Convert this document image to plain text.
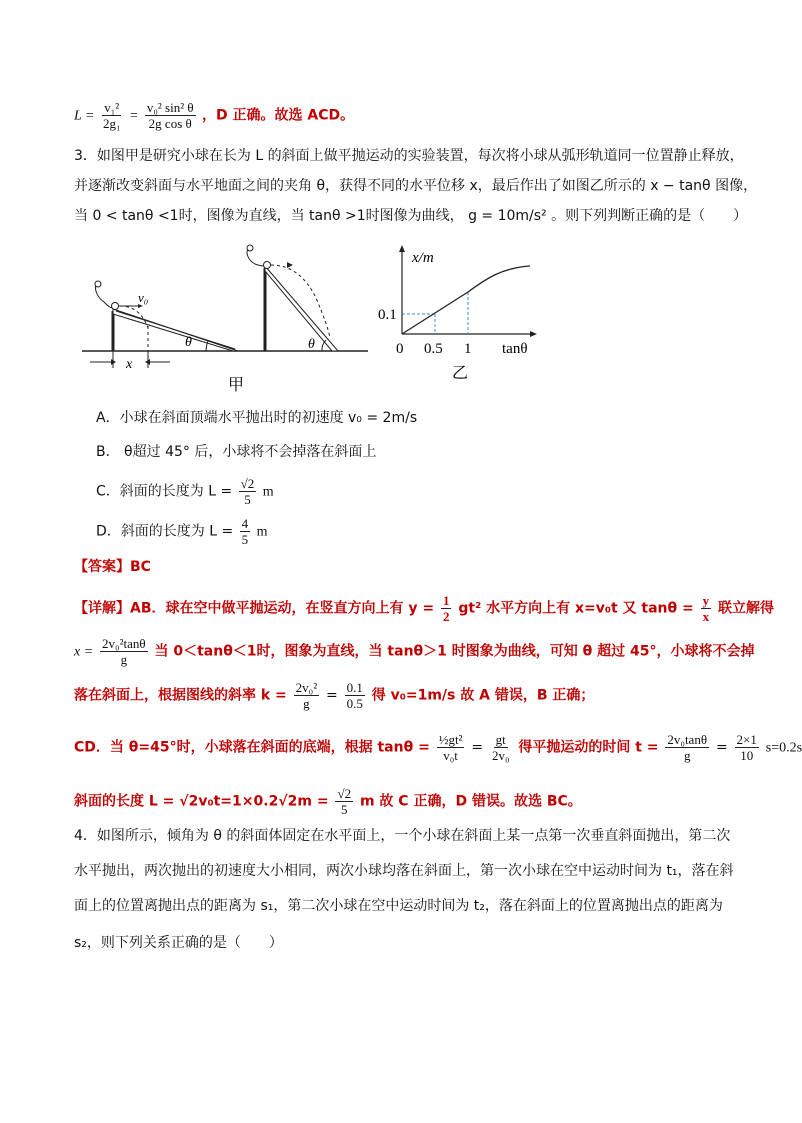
$L = \frac{\text{v₁²}}{\text{2g₁}} = \frac{\text{v₀² sin² θ}}{\text{2g cos θ}}$ ，D 正确。故选 ACD。
3．如图甲是研究小球在长为 L 的斜面上做平抛运动的实验装置，每次将小球从弧形轨道同一位置静止释放，
并逐渐改变斜面与水平地面之间的夹角 θ，获得不同的水平位移 x，最后作出了如图乙所示的 x − tanθ 图像，
当 0 < tanθ <1时，图像为直线，当 tanθ >1时图像为曲线， g = 10m/s² 。则下列判断正确的是（　　）
v₀
θ
x
θ
甲
x/m
tanθ
0 0.5 1
0.1
乙
A．小球在斜面顶端水平抛出时的初速度 v₀ = 2m/s
B． θ超过 45° 后，小球将不会掉落在斜面上
C．斜面的长度为 $L = \frac{√2}{5}$ m
D．斜面的长度为 $L = \frac{4}{5}$ m
【答案】BC
【详解】AB．球在空中做平抛运动，在竖直方向上有 $y = \frac{1}{2} gt^2$ 水平方向上有 x=v₀t 又 $\tan\theta = \frac{y}{x}$ 联立解得
$x = \frac{\text{2v₀²tanθ}}{g}$ 当 0＜tanθ＜1时，图象为直线，当 tanθ＞1 时图象为曲线，可知 θ 超过 45°，小球将不会掉
落在斜面上，根据图线的斜率 $k = \frac{\text{2v₀²}}{g} = \frac{0.1}{0.5}$ 得 v₀=1m/s 故 A 错误，B 正确；
CD．当 θ=45°时，小球落在斜面的底端，根据 $\tan\theta = \frac{\text{½gt²}}{\text{v₀t}} = \frac{gt}{\text{2v₀}}$ 得平抛运动的时间 $t = \frac{\text{2v₀tanθ}}{g} = \frac{2\times 1}{10} s=0.2s$
斜面的长度 $L = √2v_0t=1\times 0.2√2m = \frac{√2}{5}$ m 故 C 正确，D 错误。故选 BC。
4．如图所示，倾角为 θ 的斜面体固定在水平面上，一个小球在斜面上某一点第一次垂直斜面抛出，第二次
水平抛出，两次抛出的初速度大小相同，两次小球均落在斜面上，第一次小球在空中运动时间为 t₁，落在斜
面上的位置离抛出点的距离为 s₁，第二次小球在空中运动时间为 t₂，落在斜面上的位置离抛出点的距离为
s₂，则下列关系正确的是（　　）
